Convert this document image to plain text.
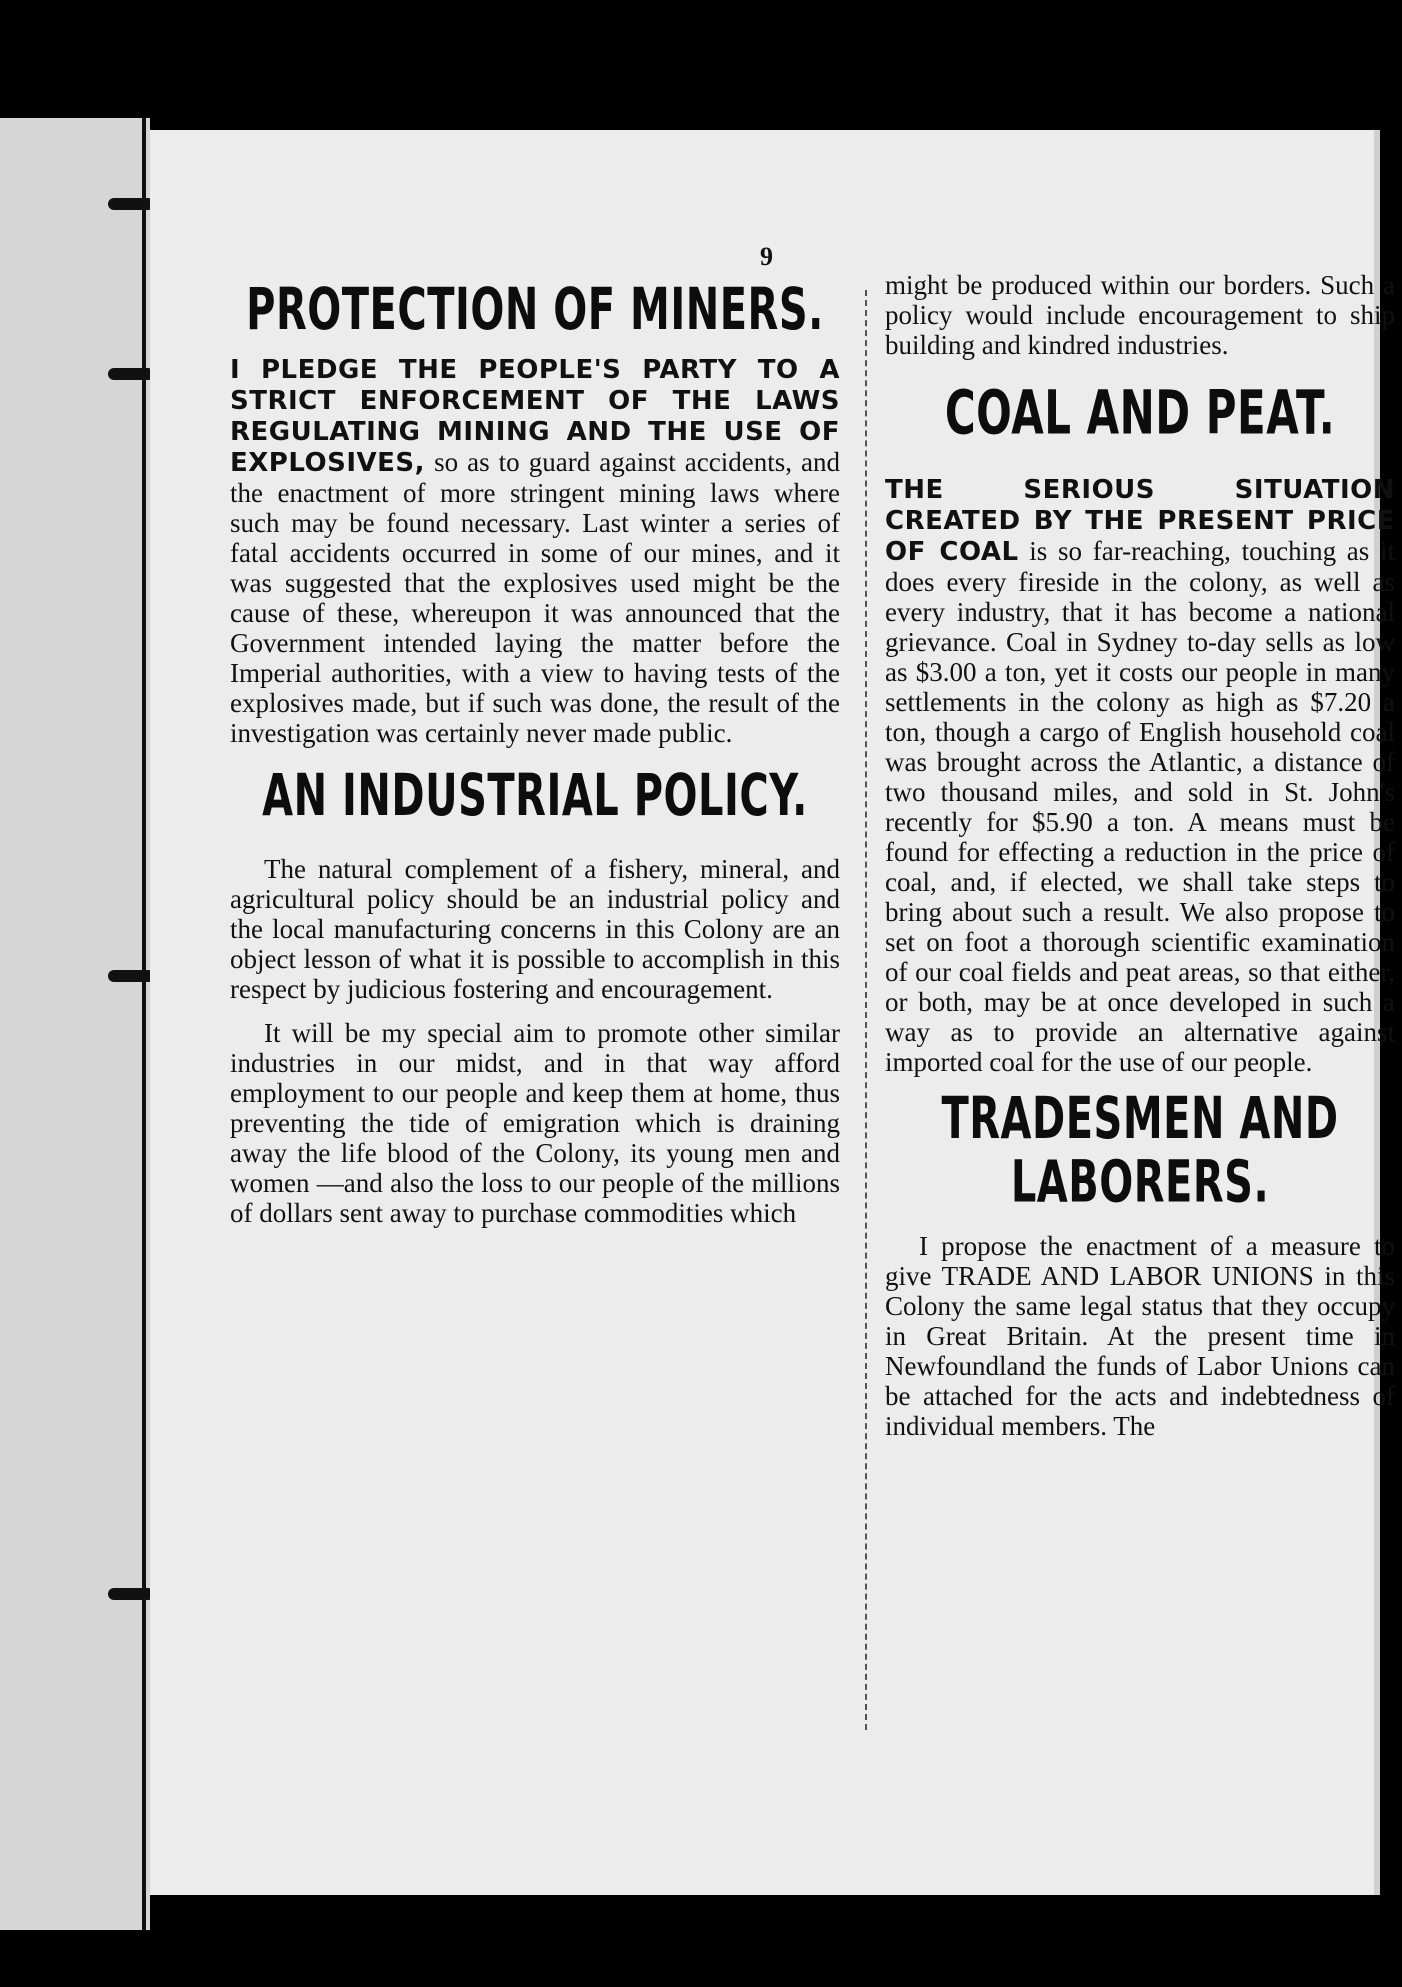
9
PROTECTION OF MINERS.

I PLEDGE THE PEOPLE'S PARTY TO A STRICT ENFORCEMENT OF THE LAWS REGULATING MINING AND THE USE OF EXPLOSIVES, so as to guard against accidents, and the enactment of more stringent mining laws where such may be found necessary. Last winter a series of fatal accidents occurred in some of our mines, and it was suggested that the explosives used might be the cause of these, whereupon it was announced that the Government intended laying the matter before the Imperial authorities, with a view to having tests of the explosives made, but if such was done, the result of the investigation was certainly never made public.

AN INDUSTRIAL POLICY.

The natural complement of a fishery, mineral, and agricultural policy should be an industrial policy and the local manufacturing concerns in this Colony are an object lesson of what it is possible to accomplish in this respect by judicious fostering and encouragement.

It will be my special aim to promote other similar industries in our midst, and in that way afford employment to our people and keep them at home, thus preventing the tide of emigration which is draining away the life blood of the Colony, its young men and women —and also the loss to our people of the millions of dollars sent away to purchase commodities which

might be produced within our borders. Such a policy would include encouragement to ship building and kindred industries.

COAL AND PEAT.

THE SERIOUS SITUATION CREATED BY THE PRESENT PRICE OF COAL is so far-reaching, touching as it does every fireside in the colony, as well as every industry, that it has become a national grievance. Coal in Sydney to-day sells as low as $3.00 a ton, yet it costs our people in many settlements in the colony as high as $7.20 a ton, though a cargo of English household coal was brought across the Atlantic, a distance of two thousand miles, and sold in St. John's recently for $5.90 a ton. A means must be found for effecting a reduction in the price of coal, and, if elected, we shall take steps to bring about such a result. We also propose to set on foot a thorough scientific examination of our coal fields and peat areas, so that either, or both, may be at once developed in such a way as to provide an alternative against imported coal for the use of our people.

TRADESMEN AND LABORERS.

I propose the enactment of a measure to give TRADE AND LABOR UNIONS in this Colony the same legal status that they occupy in Great Britain. At the present time in Newfoundland the funds of Labor Unions can be attached for the acts and indebtedness of individual members. The
